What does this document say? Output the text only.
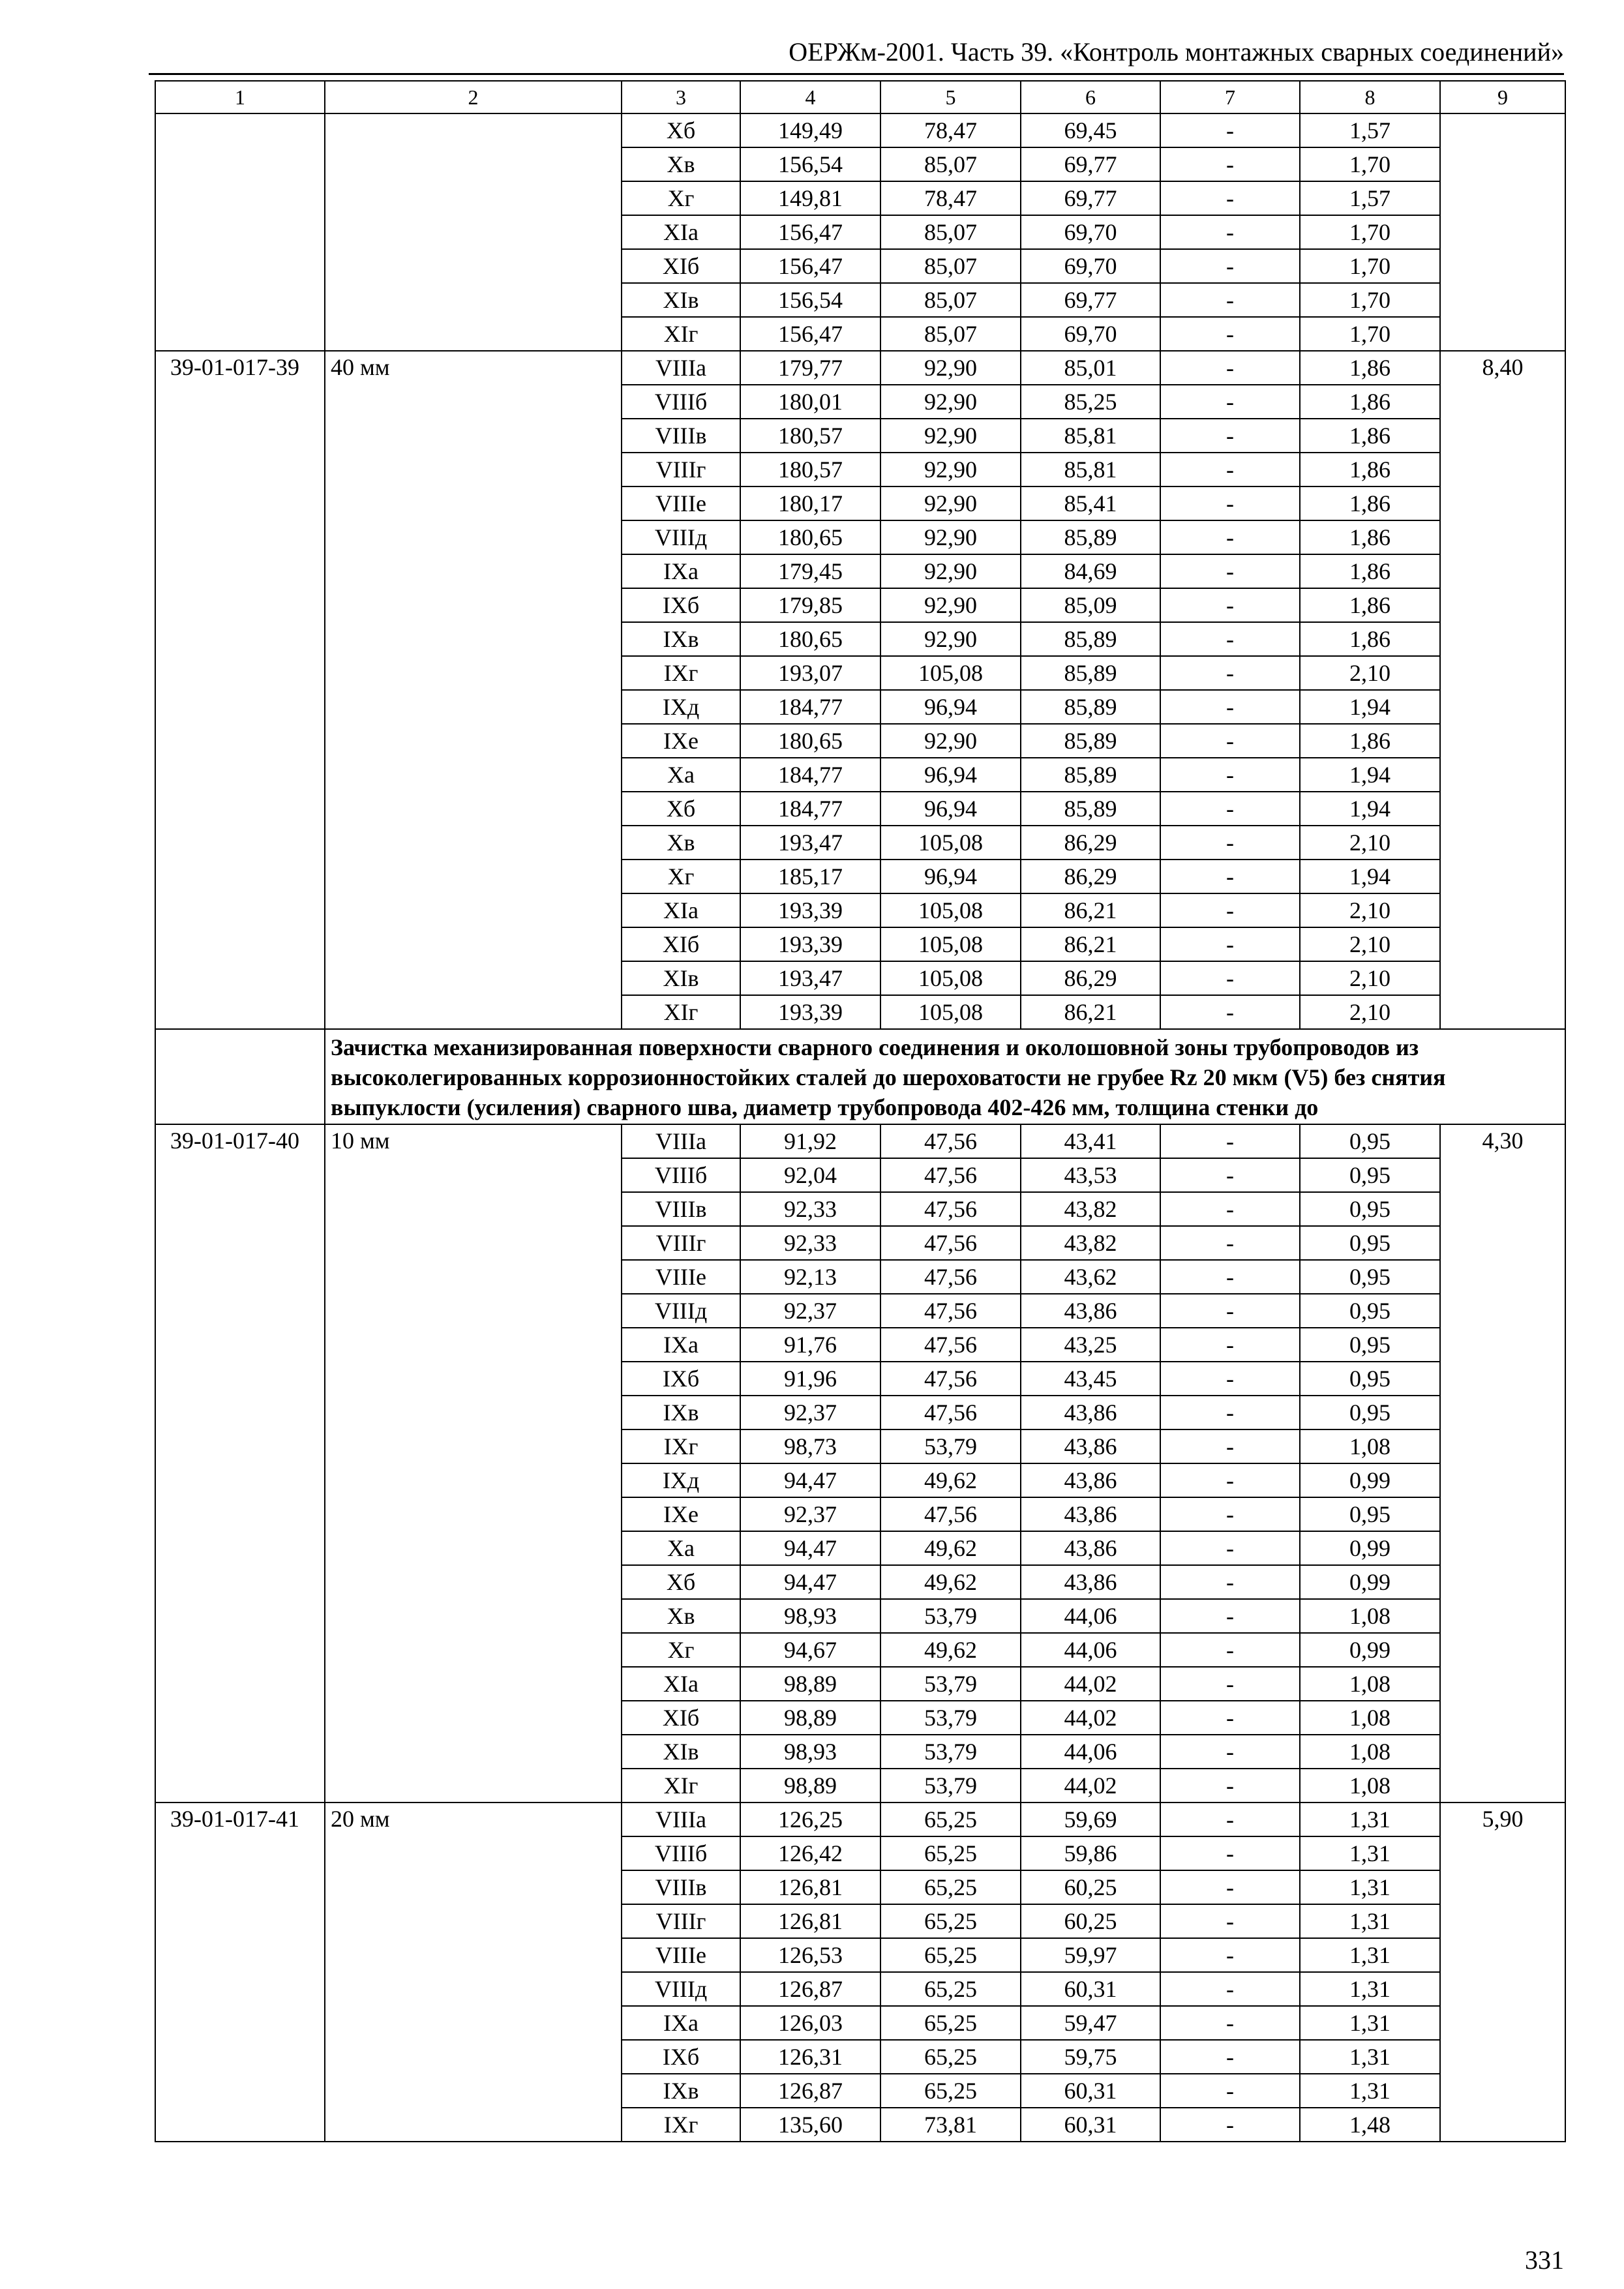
ОЕРЖм-2001. Часть 39. «Контроль монтажных сварных соединений»
1	2	3	4	5	6	7	8	9
		Xб	149,49	78,47	69,45	-	1,57	
		Xв	156,54	85,07	69,77	-	1,70	
		Xг	149,81	78,47	69,77	-	1,57	
		XIа	156,47	85,07	69,70	-	1,70	
		XIб	156,47	85,07	69,70	-	1,70	
		XIв	156,54	85,07	69,77	-	1,70	
		XIг	156,47	85,07	69,70	-	1,70	
39-01-017-39	40 мм	VIIIа	179,77	92,90	85,01	-	1,86	8,40
		VIIIб	180,01	92,90	85,25	-	1,86	
		VIIIв	180,57	92,90	85,81	-	1,86	
		VIIIг	180,57	92,90	85,81	-	1,86	
		VIIIе	180,17	92,90	85,41	-	1,86	
		VIIIд	180,65	92,90	85,89	-	1,86	
		IXа	179,45	92,90	84,69	-	1,86	
		IXб	179,85	92,90	85,09	-	1,86	
		IXв	180,65	92,90	85,89	-	1,86	
		IXг	193,07	105,08	85,89	-	2,10	
		IXд	184,77	96,94	85,89	-	1,94	
		IXе	180,65	92,90	85,89	-	1,86	
		Xа	184,77	96,94	85,89	-	1,94	
		Xб	184,77	96,94	85,89	-	1,94	
		Xв	193,47	105,08	86,29	-	2,10	
		Xг	185,17	96,94	86,29	-	1,94	
		XIа	193,39	105,08	86,21	-	2,10	
		XIб	193,39	105,08	86,21	-	2,10	
		XIв	193,47	105,08	86,29	-	2,10	
		XIг	193,39	105,08	86,21	-	2,10	
	Зачистка механизированная поверхности сварного соединения и околошовной зоны трубопроводов из высоколегированных коррозионностойких сталей до шероховатости не грубее Rz 20 мкм (V5) без снятия выпуклости (усиления) сварного шва, диаметр трубопровода 402-426 мм, толщина стенки до							
39-01-017-40	10 мм	VIIIа	91,92	47,56	43,41	-	0,95	4,30
		VIIIб	92,04	47,56	43,53	-	0,95	
		VIIIв	92,33	47,56	43,82	-	0,95	
		VIIIг	92,33	47,56	43,82	-	0,95	
		VIIIе	92,13	47,56	43,62	-	0,95	
		VIIIд	92,37	47,56	43,86	-	0,95	
		IXа	91,76	47,56	43,25	-	0,95	
		IXб	91,96	47,56	43,45	-	0,95	
		IXв	92,37	47,56	43,86	-	0,95	
		IXг	98,73	53,79	43,86	-	1,08	
		IXд	94,47	49,62	43,86	-	0,99	
		IXе	92,37	47,56	43,86	-	0,95	
		Xа	94,47	49,62	43,86	-	0,99	
		Xб	94,47	49,62	43,86	-	0,99	
		Xв	98,93	53,79	44,06	-	1,08	
		Xг	94,67	49,62	44,06	-	0,99	
		XIа	98,89	53,79	44,02	-	1,08	
		XIб	98,89	53,79	44,02	-	1,08	
		XIв	98,93	53,79	44,06	-	1,08	
		XIг	98,89	53,79	44,02	-	1,08	
39-01-017-41	20 мм	VIIIа	126,25	65,25	59,69	-	1,31	5,90
		VIIIб	126,42	65,25	59,86	-	1,31	
		VIIIв	126,81	65,25	60,25	-	1,31	
		VIIIг	126,81	65,25	60,25	-	1,31	
		VIIIе	126,53	65,25	59,97	-	1,31	
		VIIIд	126,87	65,25	60,31	-	1,31	
		IXа	126,03	65,25	59,47	-	1,31	
		IXб	126,31	65,25	59,75	-	1,31	
		IXв	126,87	65,25	60,31	-	1,31	
		IXг	135,60	73,81	60,31	-	1,48	
331
